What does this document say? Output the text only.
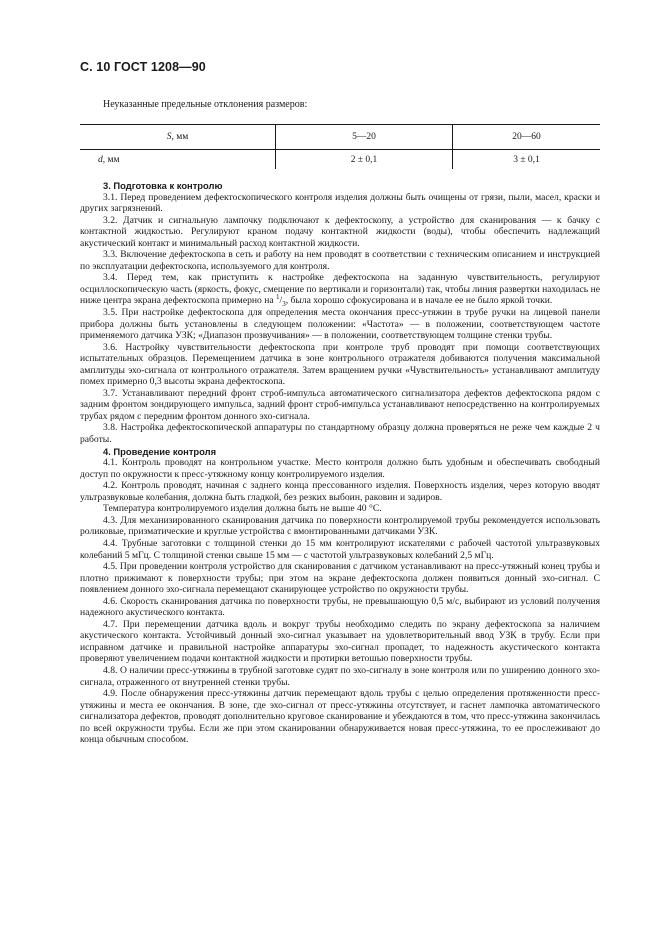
С. 10 ГОСТ 1208—90
Неуказанные предельные отклонения размеров:
S, мм	5—20	20—60
d, мм	2 ± 0,1	3 ± 0,1

3. Подготовка к контролю

3.1. Перед проведением дефектоскопического контроля изделия должны быть очищены от грязи, пыли, масел, краски и других загрязнений.

3.2. Датчик и сигнальную лампочку подключают к дефектоскопу, а устройство для сканирования — к бачку с контактной жидкостью. Регулируют краном подачу контактной жидкости (воды), чтобы обеспечить надлежащий акустический контакт и минимальный расход контактной жидкости.

3.3. Включение дефектоскопа в сеть и работу на нем проводят в соответствии с техническим описанием и инструкцией по эксплуатации дефектоскопа, используемого для контроля.

3.4. Перед тем, как приступить к настройке дефектоскопа на заданную чувствительность, регулируют осциллоскопическую часть (яркость, фокус, смещение по вертикали и горизонтали) так, чтобы линия развертки находилась не ниже центра экрана дефектоскопа примерно на $^1/_3$, была хорошо сфокусирована и в начале ее не было яркой точки.

3.5. При настройке дефектоскопа для определения места окончания пресс-утяжин в трубе ручки на лицевой панели прибора должны быть установлены в следующем положении: «Частота» — в положении, соответствующем частоте применяемого датчика УЗК; «Диапазон прозвучивания» — в положении, соответствующем толщине стенки трубы.

3.6. Настройку чувствительности дефектоскопа при контроле труб проводят при помощи соответствующих испытательных образцов. Перемещением датчика в зоне контрольного отражателя добиваются получения максимальной амплитуды эхо-сигнала от контрольного отражателя. Затем вращением ручки «Чувствительность» устанавливают амплитуду помех примерно 0,3 высоты экрана дефектоскопа.

3.7. Устанавливают передний фронт строб-импульса автоматического сигнализатора дефектов дефектоскопа рядом с задним фронтом зондирующего импульса, задний фронт строб-импульса устанавливают непосредственно на контролируемых трубах рядом с передним фронтом донного эхо-сигнала.

3.8. Настройка дефектоскопической аппаратуры по стандартному образцу должна проверяться не реже чем каждые 2 ч работы.

4. Проведение контроля

4.1. Контроль проводят на контрольном участке. Место контроля должно быть удобным и обеспечивать свободный доступ по окружности к пресс-утяжному концу контролируемого изделия.

4.2. Контроль проводят, начиная с заднего конца прессованного изделия. Поверхность изделия, через которую вводят ультразвуковые колебания, должна быть гладкой, без резких выбоин, раковин и задиров.

Температура контролируемого изделия должна быть не выше 40 °С.

4.3. Для механизированного сканирования датчика по поверхности контролируемой трубы рекомендуется использовать роликовые, призматические и круглые устройства с вмонтированными датчиками УЗК.

4.4. Трубные заготовки с толщиной стенки до 15 мм контролируют искателями с рабочей частотой ультразвуковых колебаний 5 мГц. С толщиной стенки свыше 15 мм — с частотой ультразвуковых колебаний 2,5 мГц.

4.5. При проведении контроля устройство для сканирования с датчиком устанавливают на пресс-утяжный конец трубы и плотно прижимают к поверхности трубы; при этом на экране дефектоскопа должен появиться донный эхо-сигнал. С появлением донного эхо-сигнала перемещают сканирующее устройство по окружности трубы.

4.6. Скорость сканирования датчика по поверхности трубы, не превышающую 0,5 м/с, выбирают из условий получения надежного акустического контакта.

4.7. При перемещении датчика вдоль и вокруг трубы необходимо следить по экрану дефектоскопа за наличием акустического контакта. Устойчивый донный эхо-сигнал указывает на удовлетворительный ввод УЗК в трубу. Если при исправном датчике и правильной настройке аппаратуры эхо-сигнал пропадет, то надежность акустического контакта проверяют увеличением подачи контактной жидкости и протирки ветошью поверхности трубы.

4.8. О наличии пресс-утяжины в трубной заготовке судят по эхо-сигналу в зоне контроля или по уширению донного эхо-сигнала, отраженного от внутренней стенки трубы.

4.9. После обнаружения пресс-утяжины датчик перемещают вдоль трубы с целью определения протяженности пресс-утяжины и места ее окончания. В зоне, где эхо-сигнал от пресс-утяжины отсутствует, и гаснет лампочка автоматического сигнализатора дефектов, проводят дополнительно круговое сканирование и убеждаются в том, что пресс-утяжина закончилась по всей окружности трубы. Если же при этом сканировании обнаруживается новая пресс-утяжина, то ее прослеживают до конца обычным способом.
